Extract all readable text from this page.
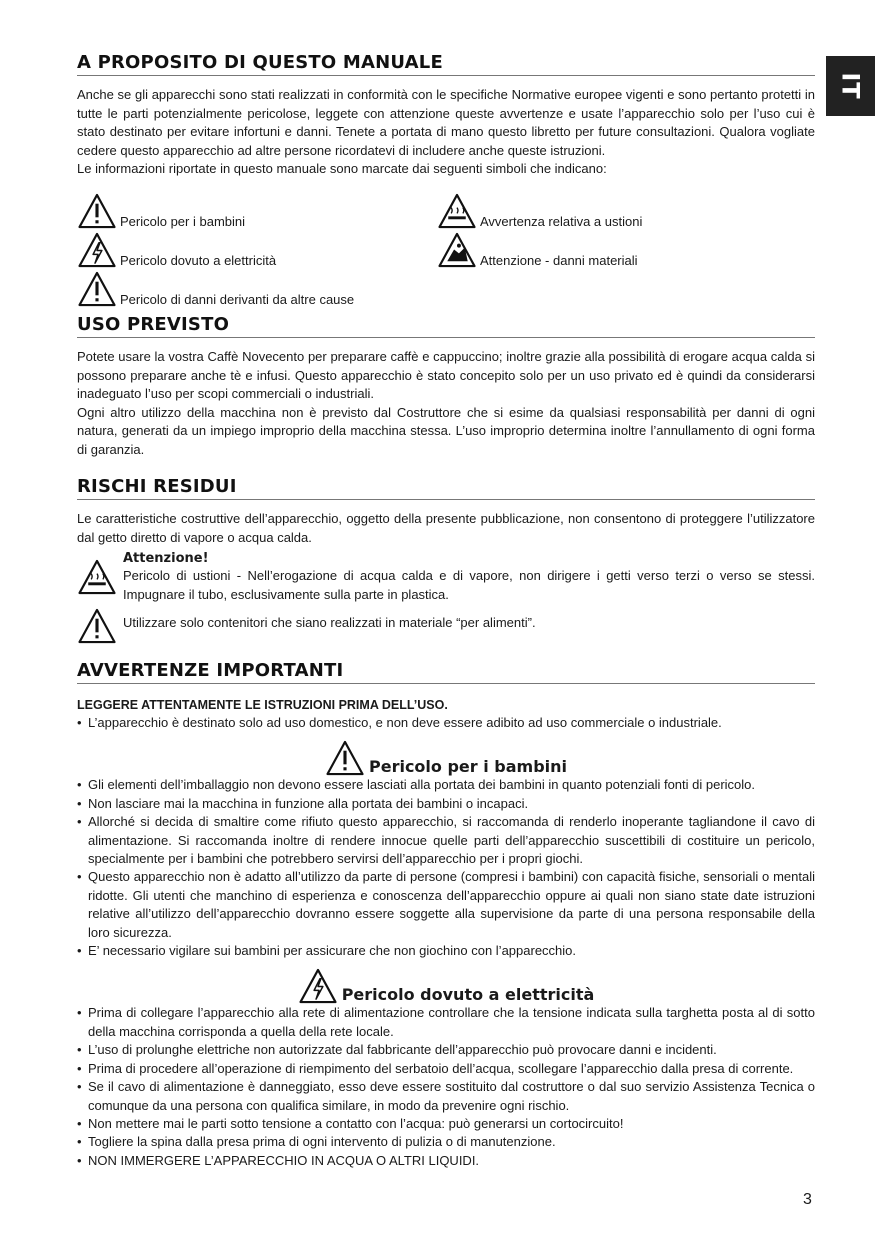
IT
A PROPOSITO DI QUESTO MANUALE

Anche se gli apparecchi sono stati realizzati in conformità con le specifiche Normative europee vigenti e sono pertanto protetti in tutte le parti potenzialmente pericolose, leggete con attenzione queste avvertenze e usate l’apparecchio solo per l’uso cui è stato destinato per evitare infortuni e danni. Tenete a portata di mano questo libretto per future consultazioni. Qualora vogliate cedere questo apparecchio ad altre persone ricordatevi di includere anche queste istruzioni.

Le informazioni riportate in questo manuale sono marcate dai seguenti simboli che indicano:

Pericolo per i bambini	Avvertenza relativa a ustioni
Pericolo dovuto a elettricità	Attenzione - danni materiali
Pericolo di danni derivanti da altre cause
USO PREVISTO

Potete usare la vostra Caffè Novecento per preparare caffè e cappuccino; inoltre grazie alla possibilità di erogare acqua calda si possono preparare anche tè e infusi. Questo apparecchio è stato concepito solo per un uso privato ed è quindi da considerarsi inadeguato l’uso per scopi commerciali o industriali.

Ogni altro utilizzo della macchina non è previsto dal Costruttore che si esime da qualsiasi responsabilità per danni di ogni natura, generati da un impiego improprio della macchina stessa. L’uso improprio determina inoltre l’annullamento di ogni forma di garanzia.

RISCHI RESIDUI

Le caratteristiche costruttive dell’apparecchio, oggetto della presente pubblicazione, non consentono di proteggere l’utilizzatore dal getto diretto di vapore o acqua calda.

Attenzione!

Pericolo di ustioni - Nell’erogazione di acqua calda e di vapore, non dirigere i getti verso terzi o verso se stessi. Impugnare il tubo, esclusivamente sulla parte in plastica.

Utilizzare solo contenitori che siano realizzati in materiale “per alimenti”.

AVVERTENZE IMPORTANTI
LEGGERE ATTENTAMENTE LE ISTRUZIONI PRIMA DELL’USO.
• L’apparecchio è destinato solo ad uso domestico, e non deve essere adibito ad uso commerciale o industriale.
Pericolo per i bambini
• Gli elementi dell’imballaggio non devono essere lasciati alla portata dei bambini in quanto potenziali fonti di pericolo.
• Non lasciare mai la macchina in funzione alla portata dei bambini o incapaci.
• Allorché si decida di smaltire come rifiuto questo apparecchio, si raccomanda di renderlo inoperante tagliandone il cavo di alimentazione. Si raccomanda inoltre di rendere innocue quelle parti dell’apparecchio suscettibili di costituire un pericolo, specialmente per i bambini che potrebbero servirsi dell’apparecchio per i propri giochi.
• Questo apparecchio non è adatto all’utilizzo da parte di persone (compresi i bambini) con capacità fisiche, sensoriali o mentali ridotte. Gli utenti che manchino di esperienza e conoscenza dell’apparecchio oppure ai quali non siano state date istruzioni relative all’utilizzo dell’apparecchio dovranno essere soggette alla supervisione da parte di una persona responsabile della loro sicurezza.
• E’ necessario vigilare sui bambini per assicurare che non giochino con l’apparecchio.
Pericolo dovuto a elettricità
• Prima di collegare l’apparecchio alla rete di alimentazione controllare che la tensione indicata sulla targhetta posta al di sotto della macchina corrisponda a quella della rete locale.
• L’uso di prolunghe elettriche non autorizzate dal fabbricante dell’apparecchio può provocare danni e incidenti.
• Prima di procedere all’operazione di riempimento del serbatoio dell’acqua, scollegare l’apparecchio dalla presa di corrente.
• Se il cavo di alimentazione è danneggiato, esso deve essere sostituito dal costruttore o dal suo servizio Assistenza Tecnica o comunque da una persona con qualifica similare, in modo da prevenire ogni rischio.
• Non mettere mai le parti sotto tensione a contatto con l’acqua: può generarsi un cortocircuito!
• Togliere la spina dalla presa prima di ogni intervento di pulizia o di manutenzione.
• NON IMMERGERE L’APPARECCHIO IN ACQUA O ALTRI LIQUIDI.
3
